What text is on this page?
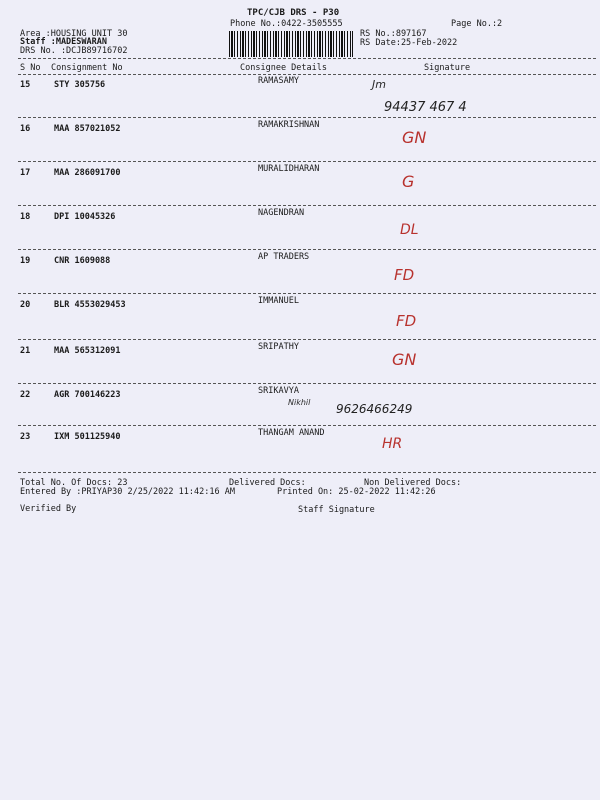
TPC/CJB DRS - P30
Phone No.:0422-3505555	Page No.:2
Area :HOUSING UNIT 30
Staff :MADESWARAN
DRS No. :DCJB89716702
RS No.:897167
RS Date:25-Feb-2022
S No Consignment No	Consignee Details	Signature
15	STY 305756	RAMASAMY	Jm
94437 467 4
16	MAA 857021052	RAMAKRISHNAN
GN
17	MAA 286091700	MURALIDHARAN
G
18	DPI 10045326	NAGENDRAN
DL
19	CNR 1609088	AP TRADERS
FD
20	BLR 4553029453	IMMANUEL
FD
21	MAA 565312091	SRIPATHY
GN
22	AGR 700146223	SRIKAVYA
Nikhil 9626466249
23	IXM 501125940	THANGAM ANAND
HR
Total No. Of Docs: 23	Delivered Docs:	Non Delivered Docs:
Entered By :PRIYAP30 2/25/2022 11:42:16 AM	Printed On: 25-02-2022 11:42:26
Verified By	Staff Signature
